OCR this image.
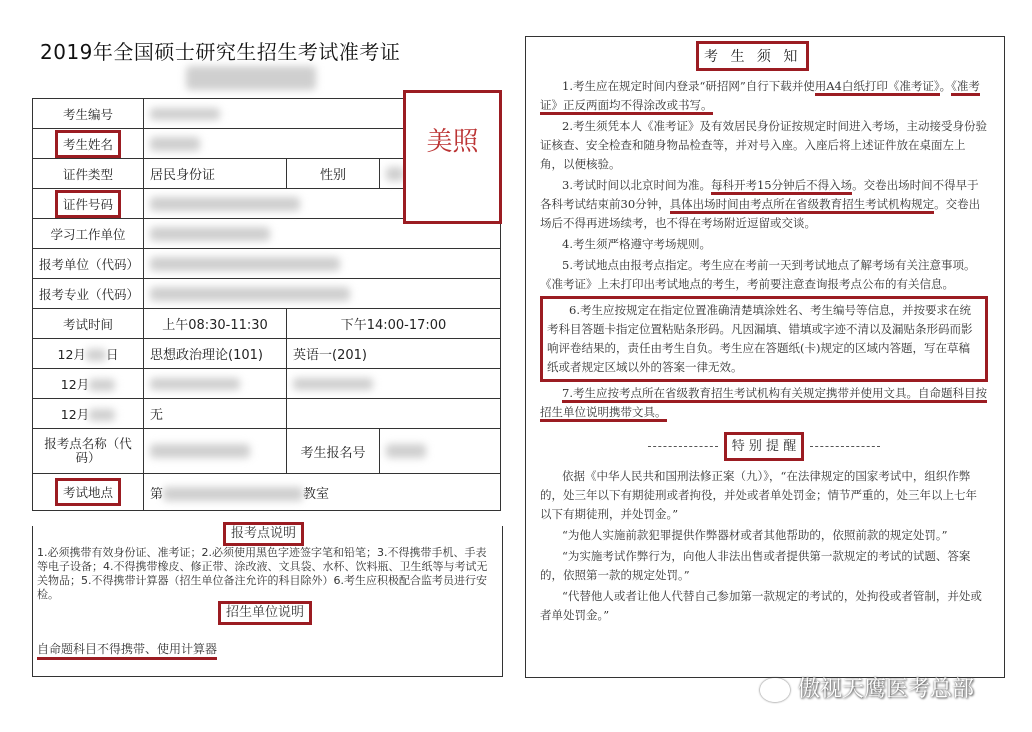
2019年全国硕士研究生招生考试准考证
考生编号			
考生姓名			
证件类型	居民身份证	性别	
证件号码			
学习工作单位			
报考单位（代码）			
报考专业（代码）			
考试时间	上午08:30-11:30	下午14:00-17:00	
12月 日	思想政治理论(101)	英语一(201)	
12月			
12月	无		
报考点名称（代码）		考生报名号	
考试地点	第 教室		
美照
报考点说明
1.必须携带有效身份证、准考证；2.必须使用黑色字迹签字笔和铅笔；3.不得携带手机、手表等电子设备；4.不得携带橡皮、修正带、涂改液、文具袋、水杯、饮料瓶、卫生纸等与考试无关物品；5.不得携带计算器（招生单位备注允许的科目除外）6.考生应积极配合监考员进行安检。
招生单位说明
自命题科目不得携带、使用计算器
考 生 须 知

1.考生应在规定时间内登录“研招网”自行下载并使用A4白纸打印《准考证》。《准考证》正反两面均不得涂改或书写。

2.考生须凭本人《准考证》及有效居民身份证按规定时间进入考场，主动接受身份验证核查、安全检查和随身物品检查等，并对号入座。入座后将上述证件放在桌面左上角，以便核验。

3.考试时间以北京时间为准。每科开考15分钟后不得入场。交卷出场时间不得早于各科考试结束前30分钟，具体出场时间由考点所在省级教育招生考试机构规定。交卷出场后不得再进场续考，也不得在考场附近逗留或交谈。

4.考生须严格遵守考场规则。

5.考试地点由报考点指定。考生应在考前一天到考试地点了解考场有关注意事项。《准考证》上未打印出考试地点的考生，考前要注意查询报考点公布的有关信息。

6.考生应按规定在指定位置准确清楚填涂姓名、考生编号等信息，并按要求在统考科目答题卡指定位置粘贴条形码。凡因漏填、错填或字迹不清以及漏贴条形码而影响评卷结果的，责任由考生自负。考生应在答题纸(卡)规定的区域内答题，写在草稿纸或者规定区域以外的答案一律无效。

7.考生应按考点所在省级教育招生考试机构有关规定携带并使用文具。自命题科目按招生单位说明携带文具。

特 别 提 醒

依据《中华人民共和国刑法修正案（九）》，“在法律规定的国家考试中，组织作弊的，处三年以下有期徒刑或者拘役，并处或者单处罚金；情节严重的，处三年以上七年以下有期徒刑，并处罚金。”

“为他人实施前款犯罪提供作弊器材或者其他帮助的，依照前款的规定处罚。”

“为实施考试作弊行为，向他人非法出售或者提供第一款规定的考试的试题、答案的，依照第一款的规定处罚。”

“代替他人或者让他人代替自己参加第一款规定的考试的，处拘役或者管制，并处或者单处罚金。”

傲视天鹰医考总部
